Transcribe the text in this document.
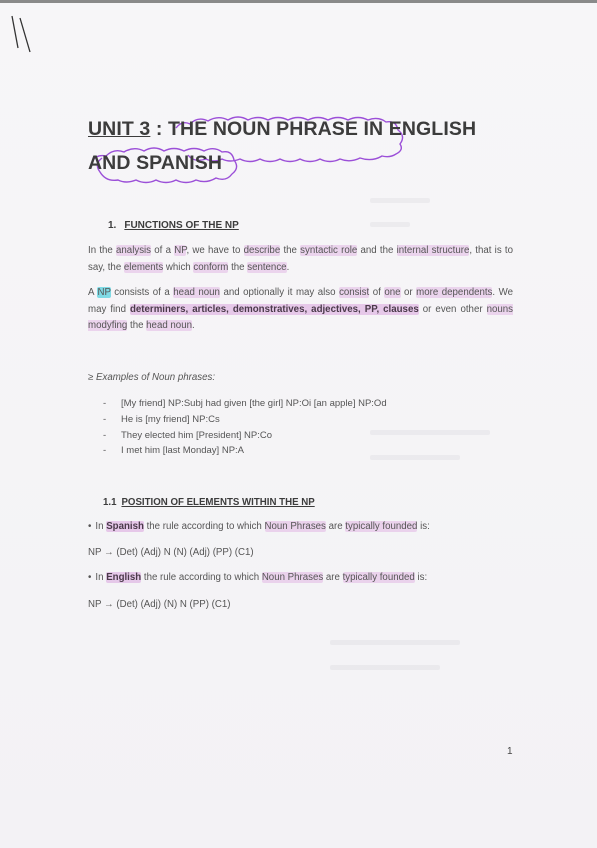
UNIT 3 : THE NOUN PHRASE IN ENGLISH
AND SPANISH
1. FUNCTIONS OF THE NP
In the analysis of a NP, we have to describe the syntactic role and the internal structure, that is to say, the elements which conform the sentence.
A NP consists of a head noun and optionally it may also consist of one or more dependents. We may find determiners, articles, demonstratives, adjectives, PP, clauses or even other nouns modyfing the head noun.
≥ Examples of Noun phrases:
- [My friend] NP:Subj had given [the girl] NP:Oi [an apple] NP:Od
- He is [my friend] NP:Cs
- They elected him [President] NP:Co
- I met him [last Monday] NP:A
1.1 POSITION OF ELEMENTS WITHIN THE NP
• In Spanish the rule according to which Noun Phrases are typically founded is:
NP → (Det) (Adj) N (N) (Adj) (PP) (C1)
• In English the rule according to which Noun Phrases are typically founded is:
NP → (Det) (Adj) (N) N (PP) (C1)
1
